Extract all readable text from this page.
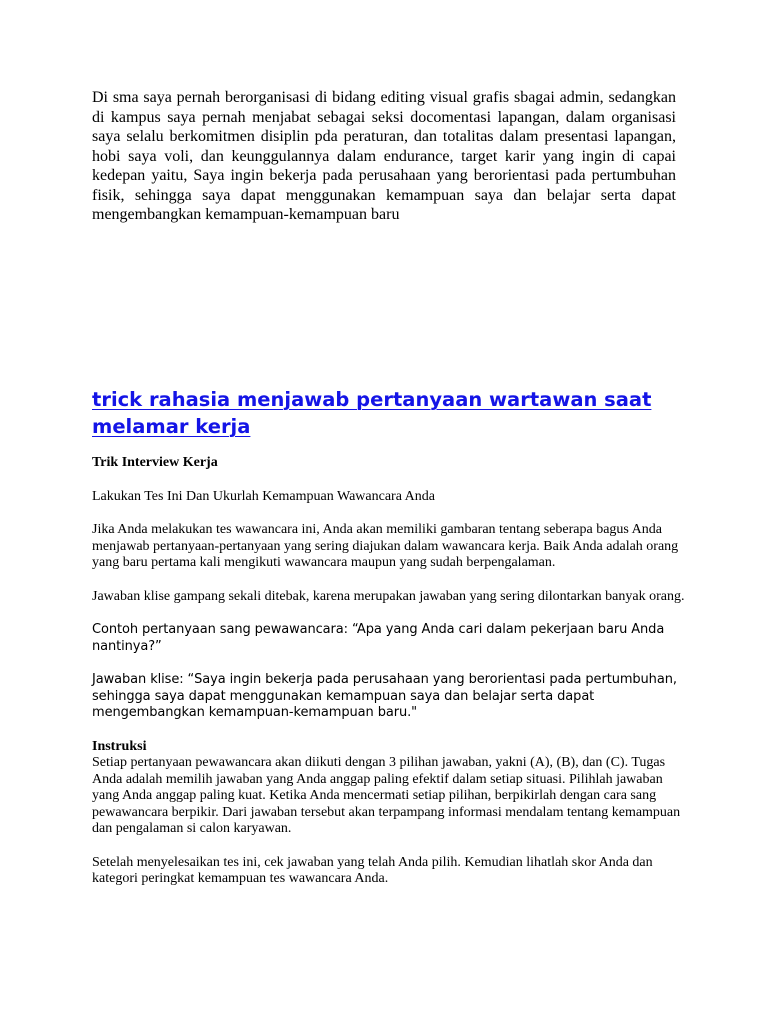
Di sma saya pernah berorganisasi di bidang editing visual grafis sbagai admin, sedangkan di kampus saya pernah menjabat sebagai seksi docomentasi lapangan, dalam organisasi saya selalu berkomitmen disiplin pda peraturan, dan totalitas dalam presentasi lapangan, hobi saya voli, dan keunggulannya dalam endurance, target karir yang ingin di capai kedepan yaitu, Saya ingin bekerja pada perusahaan yang berorientasi pada pertumbuhan fisik, sehingga saya dapat menggunakan kemampuan saya dan belajar serta dapat mengembangkan kemampuan-kemampuan baru

trick rahasia menjawab pertanyaan wartawan saat melamar kerja

Trik Interview Kerja

Lakukan Tes Ini Dan Ukurlah Kemampuan Wawancara Anda

Jika Anda melakukan tes wawancara ini, Anda akan memiliki gambaran tentang seberapa bagus Anda menjawab pertanyaan-pertanyaan yang sering diajukan dalam wawancara kerja. Baik Anda adalah orang yang baru pertama kali mengikuti wawancara maupun yang sudah berpengalaman.

Jawaban klise gampang sekali ditebak, karena merupakan jawaban yang sering dilontarkan banyak orang.

Contoh pertanyaan sang pewawancara: “Apa yang Anda cari dalam pekerjaan baru Anda nantinya?”

Jawaban klise: “Saya ingin bekerja pada perusahaan yang berorientasi pada pertumbuhan, sehingga saya dapat menggunakan kemampuan saya dan belajar serta dapat mengembangkan kemampuan-kemampuan baru."

Instruksi
Setiap pertanyaan pewawancara akan diikuti dengan 3 pilihan jawaban, yakni (A), (B), dan (C). Tugas Anda adalah memilih jawaban yang Anda anggap paling efektif dalam setiap situasi. Pilihlah jawaban yang Anda anggap paling kuat. Ketika Anda mencermati setiap pilihan, berpikirlah dengan cara sang pewawancara berpikir. Dari jawaban tersebut akan terpampang informasi mendalam tentang kemampuan dan pengalaman si calon karyawan.

Setelah menyelesaikan tes ini, cek jawaban yang telah Anda pilih. Kemudian lihatlah skor Anda dan kategori peringkat kemampuan tes wawancara Anda.
